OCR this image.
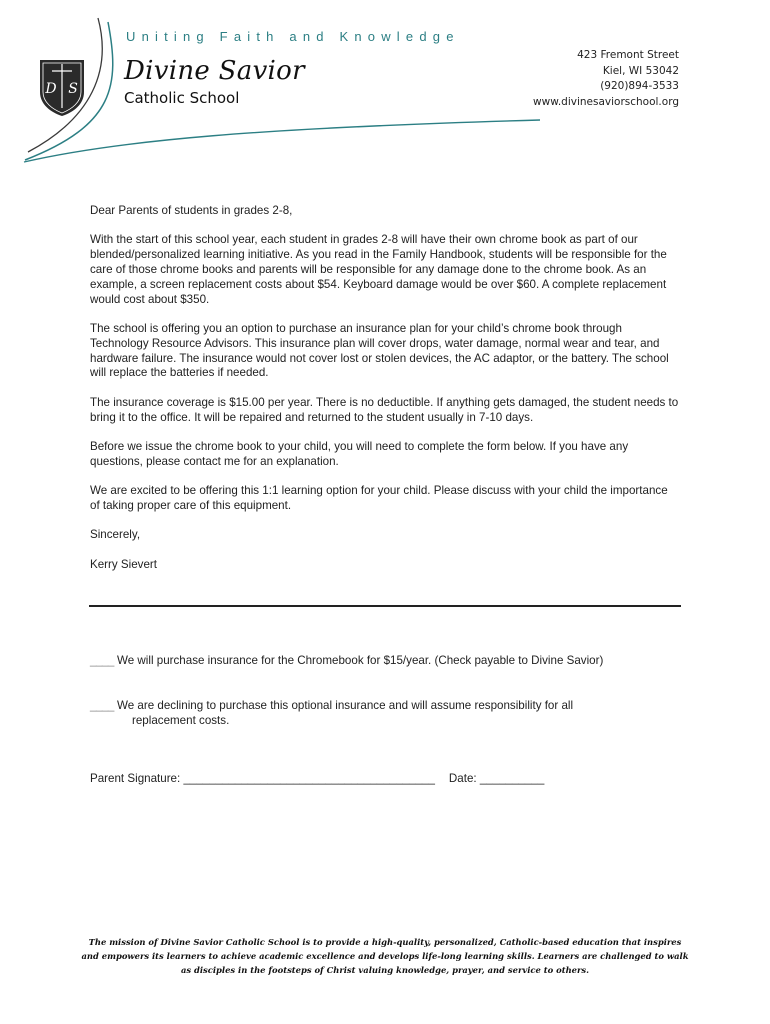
D S
Uniting Faith and Knowledge
Divine Savior
Catholic School
423 Fremont Street
Kiel, WI 53042
(920)894-3533
www.divinesaviorschool.org

Dear Parents of students in grades 2-8,

With the start of this school year, each student in grades 2-8 will have their own chrome book as part of our blended/personalized learning initiative. As you read in the Family Handbook, students will be responsible for the care of those chrome books and parents will be responsible for any damage done to the chrome book. As an example, a screen replacement costs about $54. Keyboard damage would be over $60. A complete replacement would cost about $350.

The school is offering you an option to purchase an insurance plan for your child’s chrome book through Technology Resource Advisors. This insurance plan will cover drops, water damage, normal wear and tear, and hardware failure. The insurance would not cover lost or stolen devices, the AC adaptor, or the battery. The school will replace the batteries if needed.

The insurance coverage is $15.00 per year. There is no deductible. If anything gets damaged, the student needs to bring it to the office. It will be repaired and returned to the student usually in 7-10 days.

Before we issue the chrome book to your child, you will need to complete the form below. If you have any questions, please contact me for an explanation.

We are excited to be offering this 1:1 learning option for your child. Please discuss with your child the importance of taking proper care of this equipment.

Sincerely,

Kerry Sievert

____ We will purchase insurance for the Chromebook for $15/year. (Check payable to Divine Savior)
____ We are declining to purchase this optional insurance and will assume responsibility for all
replacement costs.
Parent Signature: _______________________________________ Date: __________
The mission of Divine Savior Catholic School is to provide a high-quality, personalized, Catholic-based education that inspires and empowers its learners to achieve academic excellence and develops life-long learning skills. Learners are challenged to walk as disciples in the footsteps of Christ valuing knowledge, prayer, and service to others.
